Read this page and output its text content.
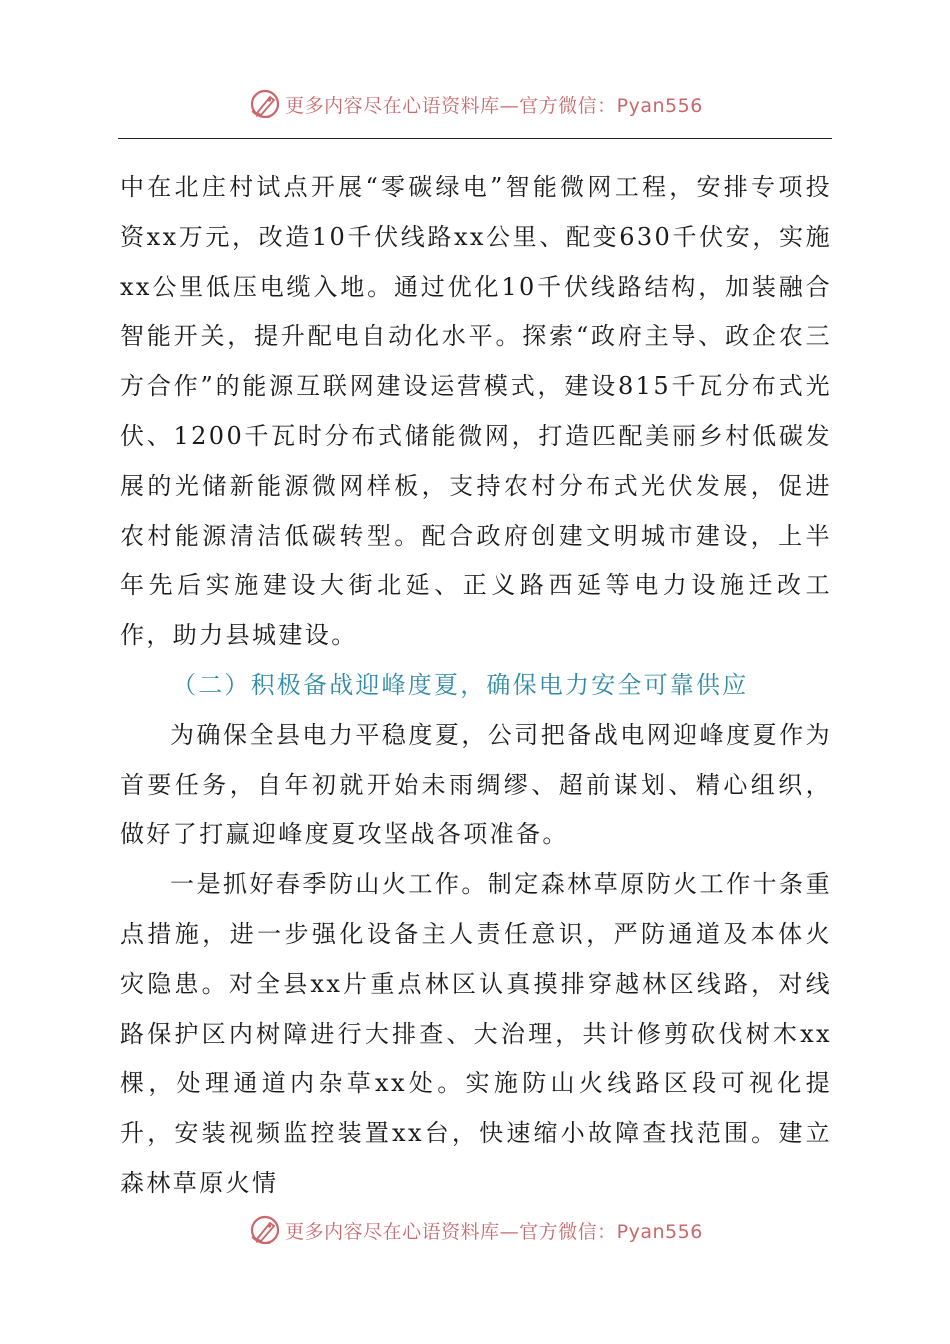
更多内容尽在心语资料库—官方微信：Pyan556

中在北庄村试点开展“零碳绿电”智能微网工程，安排专项投资xx万元，改造10千伏线路xx公里、配变630千伏安，实施xx公里低压电缆入地。通过优化10千伏线路结构，加装融合智能开关，提升配电自动化水平。探索“政府主导、政企农三方合作”的能源互联网建设运营模式，建设815千瓦分布式光伏、1200千瓦时分布式储能微网，打造匹配美丽乡村低碳发展的光储新能源微网样板，支持农村分布式光伏发展，促进农村能源清洁低碳转型。配合政府创建文明城市建设，上半年先后实施建设大街北延、正义路西延等电力设施迁改工作，助力县城建设。

（二）积极备战迎峰度夏，确保电力安全可靠供应

为确保全县电力平稳度夏，公司把备战电网迎峰度夏作为首要任务，自年初就开始未雨绸缪、超前谋划、精心组织，做好了打赢迎峰度夏攻坚战各项准备。

一是抓好春季防山火工作。制定森林草原防火工作十条重点措施，进一步强化设备主人责任意识，严防通道及本体火灾隐患。对全县xx片重点林区认真摸排穿越林区线路，对线路保护区内树障进行大排查、大治理，共计修剪砍伐树木xx棵，处理通道内杂草xx处。实施防山火线路区段可视化提升，安装视频监控装置xx台，快速缩小故障查找范围。建立森林草原火情

更多内容尽在心语资料库—官方微信：Pyan556
